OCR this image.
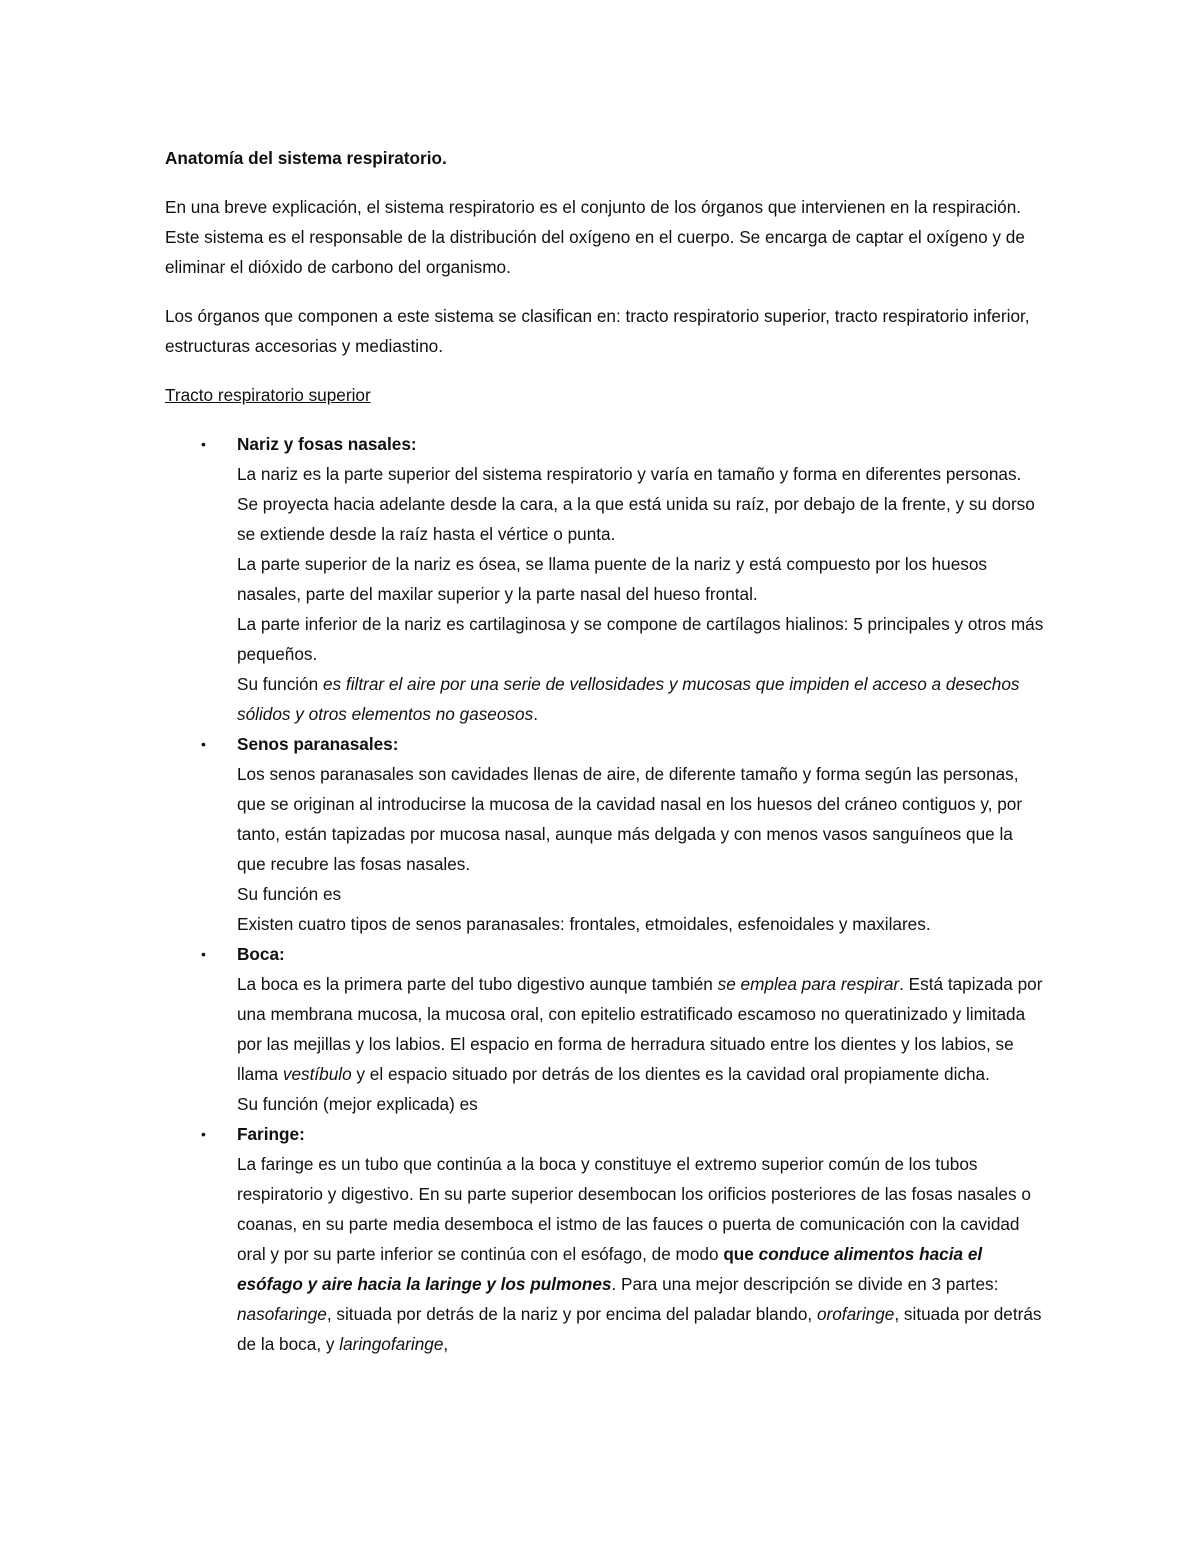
Anatomía del sistema respiratorio.

En una breve explicación, el sistema respiratorio es el conjunto de los órganos que intervienen en la respiración. Este sistema es el responsable de la distribución del oxígeno en el cuerpo. Se encarga de captar el oxígeno y de eliminar el dióxido de carbono del organismo.

Los órganos que componen a este sistema se clasifican en: tracto respiratorio superior, tracto respiratorio inferior, estructuras accesorias y mediastino.

Tracto respiratorio superior
• Nariz y fosas nasales:
La nariz es la parte superior del sistema respiratorio y varía en tamaño y forma en diferentes personas. Se proyecta hacia adelante desde la cara, a la que está unida su raíz, por debajo de la frente, y su dorso se extiende desde la raíz hasta el vértice o punta.
La parte superior de la nariz es ósea, se llama puente de la nariz y está compuesto por los huesos nasales, parte del maxilar superior y la parte nasal del hueso frontal.
La parte inferior de la nariz es cartilaginosa y se compone de cartílagos hialinos: 5 principales y otros más pequeños.
Su función es filtrar el aire por una serie de vellosidades y mucosas que impiden el acceso a desechos sólidos y otros elementos no gaseosos.
• Senos paranasales:
Los senos paranasales son cavidades llenas de aire, de diferente tamaño y forma según las personas, que se originan al introducirse la mucosa de la cavidad nasal en los huesos del cráneo contiguos y, por tanto, están tapizadas por mucosa nasal, aunque más delgada y con menos vasos sanguíneos que la que recubre las fosas nasales.
Su función es
Existen cuatro tipos de senos paranasales: frontales, etmoidales, esfenoidales y maxilares.
• Boca:
La boca es la primera parte del tubo digestivo aunque también se emplea para respirar. Está tapizada por una membrana mucosa, la mucosa oral, con epitelio estratificado escamoso no queratinizado y limitada por las mejillas y los labios. El espacio en forma de herradura situado entre los dientes y los labios, se llama vestíbulo y el espacio situado por detrás de los dientes es la cavidad oral propiamente dicha.
Su función (mejor explicada) es
• Faringe:
La faringe es un tubo que continúa a la boca y constituye el extremo superior común de los tubos respiratorio y digestivo. En su parte superior desembocan los orificios posteriores de las fosas nasales o coanas, en su parte media desemboca el istmo de las fauces o puerta de comunicación con la cavidad oral y por su parte inferior se continúa con el esófago, de modo que conduce alimentos hacia el esófago y aire hacia la laringe y los pulmones. Para una mejor descripción se divide en 3 partes: nasofaringe, situada por detrás de la nariz y por encima del paladar blando, orofaringe, situada por detrás de la boca, y laringofaringe,
